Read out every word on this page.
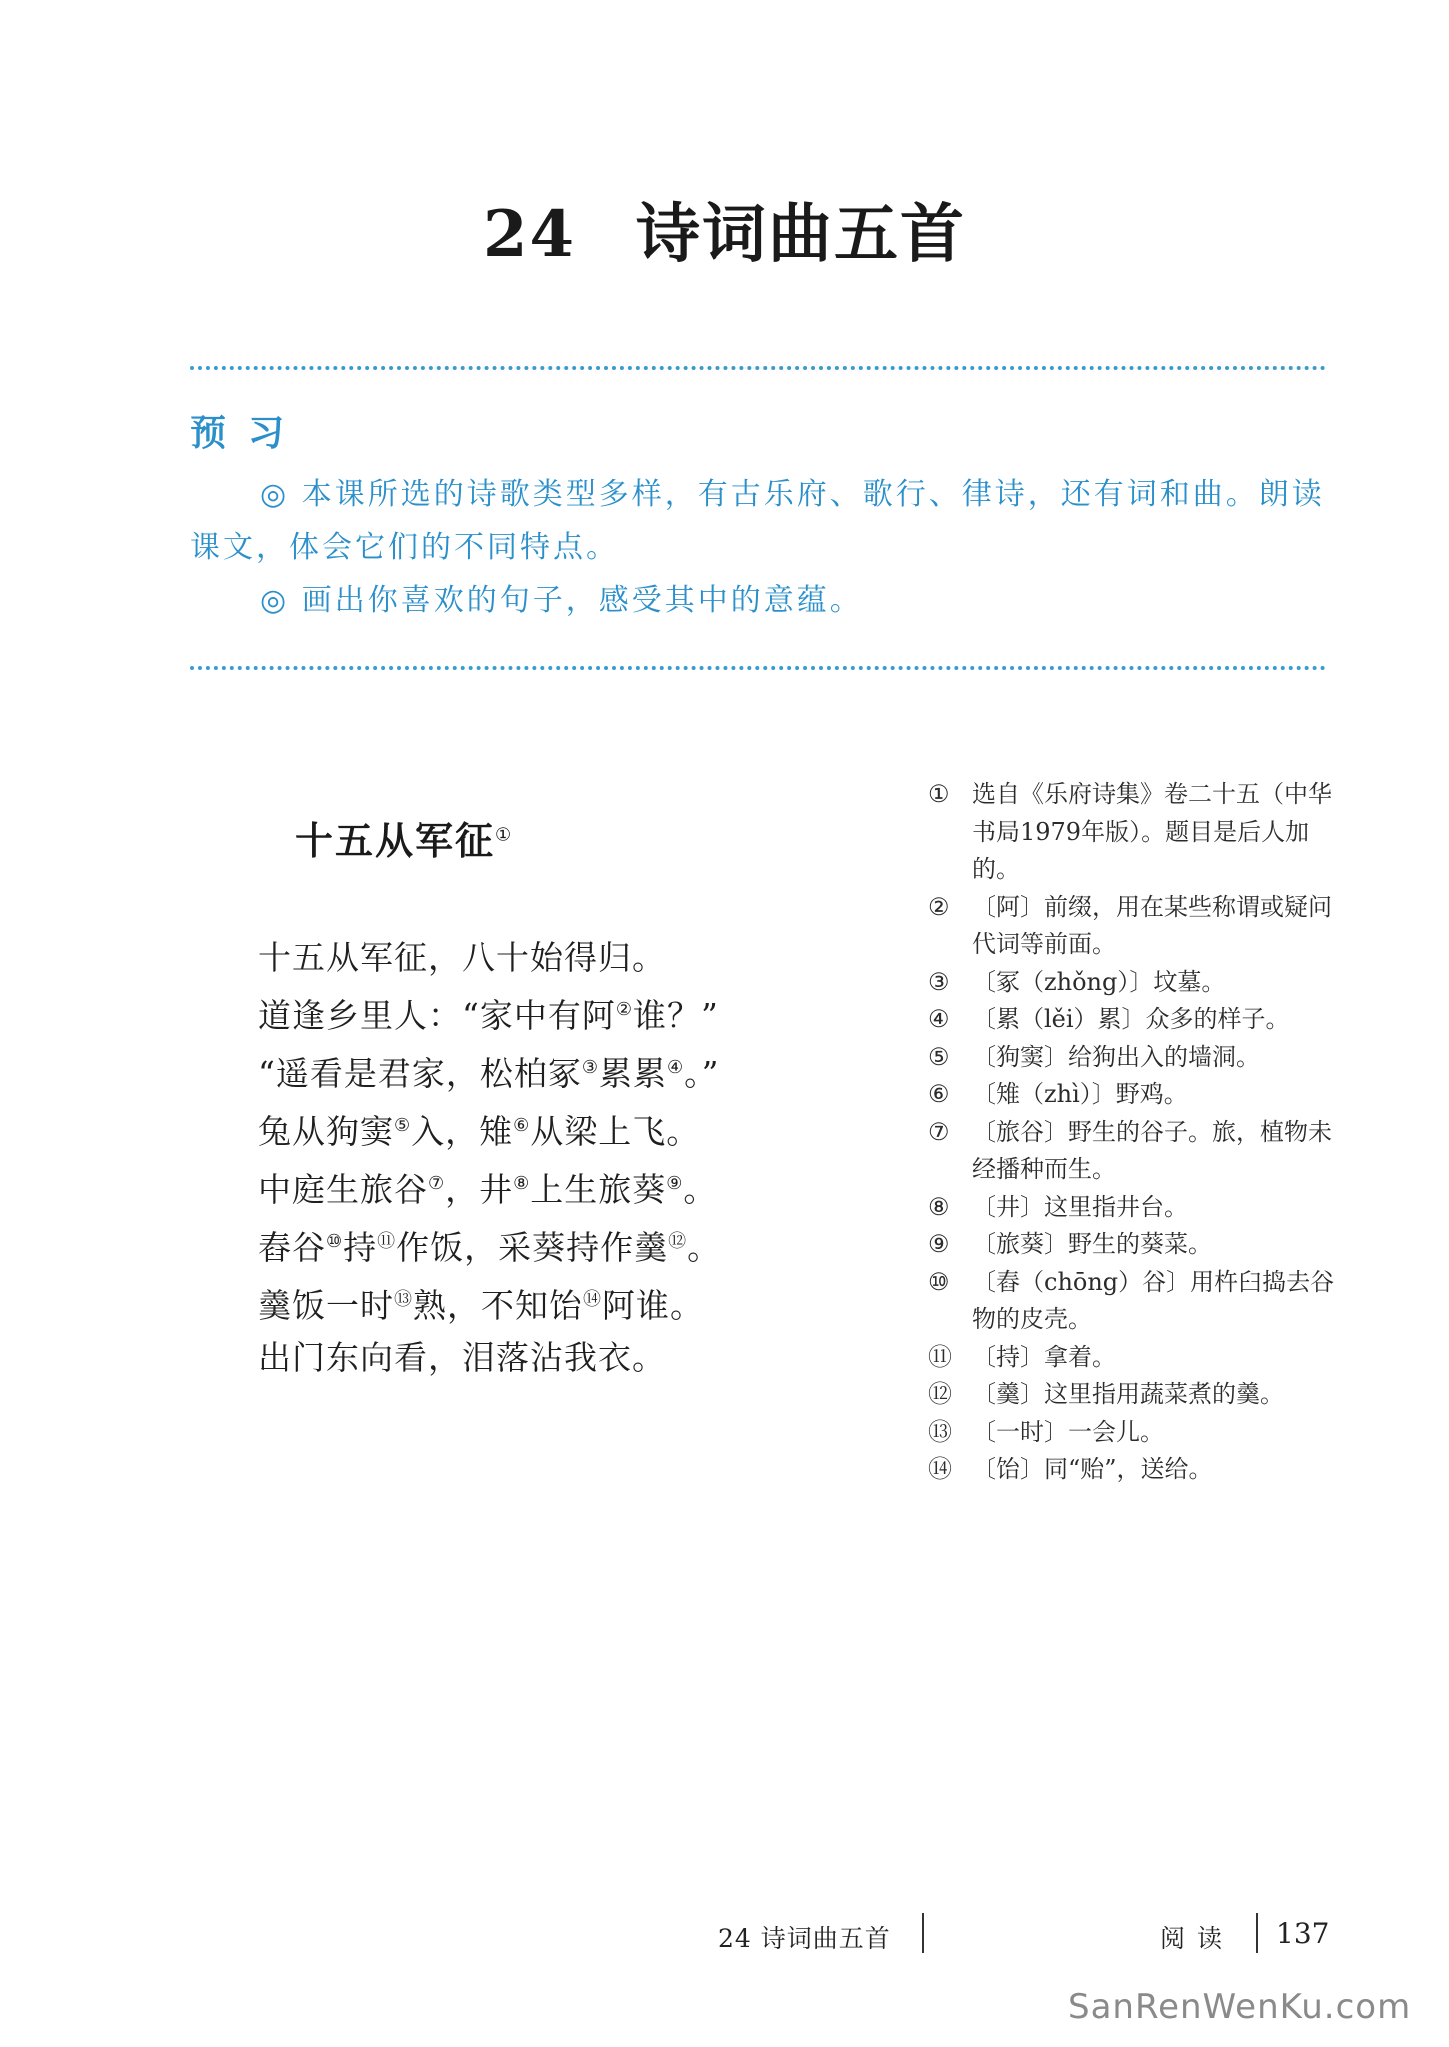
24 诗词曲五首

预习

◎ 本课所选的诗歌类型多样，有古乐府、歌行、律诗，还有词和曲。朗读课文，体会它们的不同特点。

◎ 画出你喜欢的句子，感受其中的意蕴。

十五从军征①

十五从军征，八十始得归。

道逢乡里人：“家中有阿②谁？”

“遥看是君家，松柏冢③累累④。”

兔从狗窦⑤入，雉⑥从梁上飞。

中庭生旅谷⑦，井⑧上生旅葵⑨。

舂谷⑩持⑪作饭，采葵持作羹⑫。

羹饭一时⑬熟，不知饴⑭阿谁。

出门东向看，泪落沾我衣。

① 选自《乐府诗集》卷二十五（中华书局1979年版）。题目是后人加的。

② 〔阿〕前缀，用在某些称谓或疑问代词等前面。

③ 〔冢（zhǒng）〕坟墓。

④ 〔累（lěi）累〕众多的样子。

⑤ 〔狗窦〕给狗出入的墙洞。

⑥ 〔雉（zhì）〕野鸡。

⑦ 〔旅谷〕野生的谷子。旅，植物未经播种而生。

⑧ 〔井〕这里指井台。

⑨ 〔旅葵〕野生的葵菜。

⑩ 〔舂（chōng）谷〕用杵臼捣去谷物的皮壳。

⑪ 〔持〕拿着。

⑫ 〔羹〕这里指用蔬菜煮的羹。

⑬ 〔一时〕一会儿。

⑭ 〔饴〕同“贻”，送给。

24 诗词曲五首	阅读 137
SanRenWenKu.com
